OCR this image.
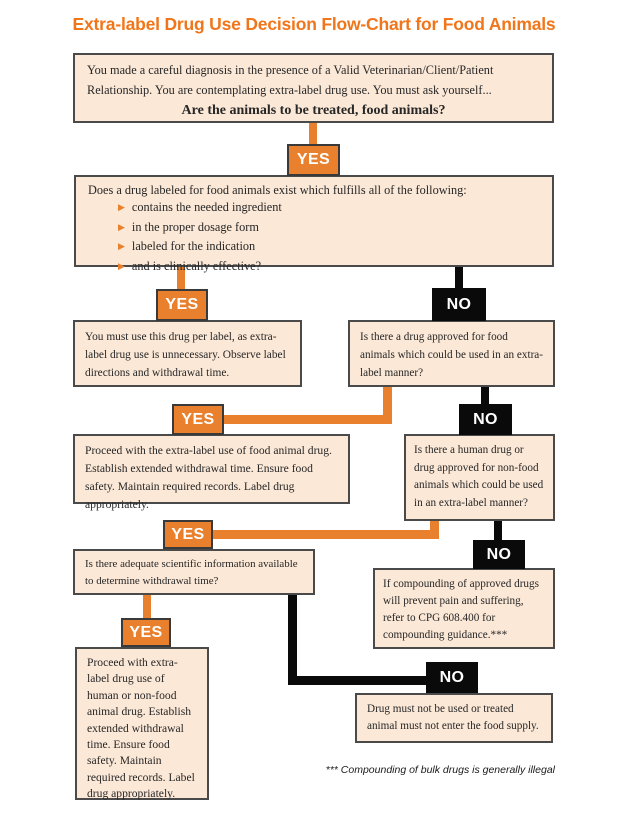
Extra-label Drug Use Decision Flow-Chart for Food Animals
YES
YES	NO
YES	NO
YES
NO
YES
NO
You made a careful diagnosis in the presence of a Valid Veterinarian/Client/Patient Relationship. You are contemplating extra-label drug use. You must ask yourself...
Are the animals to be treated, food animals?
Does a drug labeled for food animals exist which fulfills all of the following:
▶ contains the needed ingredient
▶ in the proper dosage form
▶ labeled for the indication
▶ and is clinically effective?
You must use this drug per label, as extra-label drug use is unnecessary. Observe label directions and withdrawal time.
Is there a drug approved for food animals which could be used in an extra-label manner?
Proceed with the extra-label use of food animal drug. Establish extended withdrawal time. Ensure food safety. Maintain required records. Label drug appropriately.
Is there a human drug or drug approved for non-food animals which could be used in an extra-label manner?
Is there adequate scientific information available to determine withdrawal time?	If compounding of approved drugs will prevent pain and suffering, refer to CPG 608.400 for compounding guidance.***
Proceed with extra-label drug use of human or non-food animal drug. Establish extended withdrawal time. Ensure food safety. Maintain required records. Label drug appropriately.
Drug must not be used or treated animal must not enter the food supply.
*** Compounding of bulk drugs is generally illegal
